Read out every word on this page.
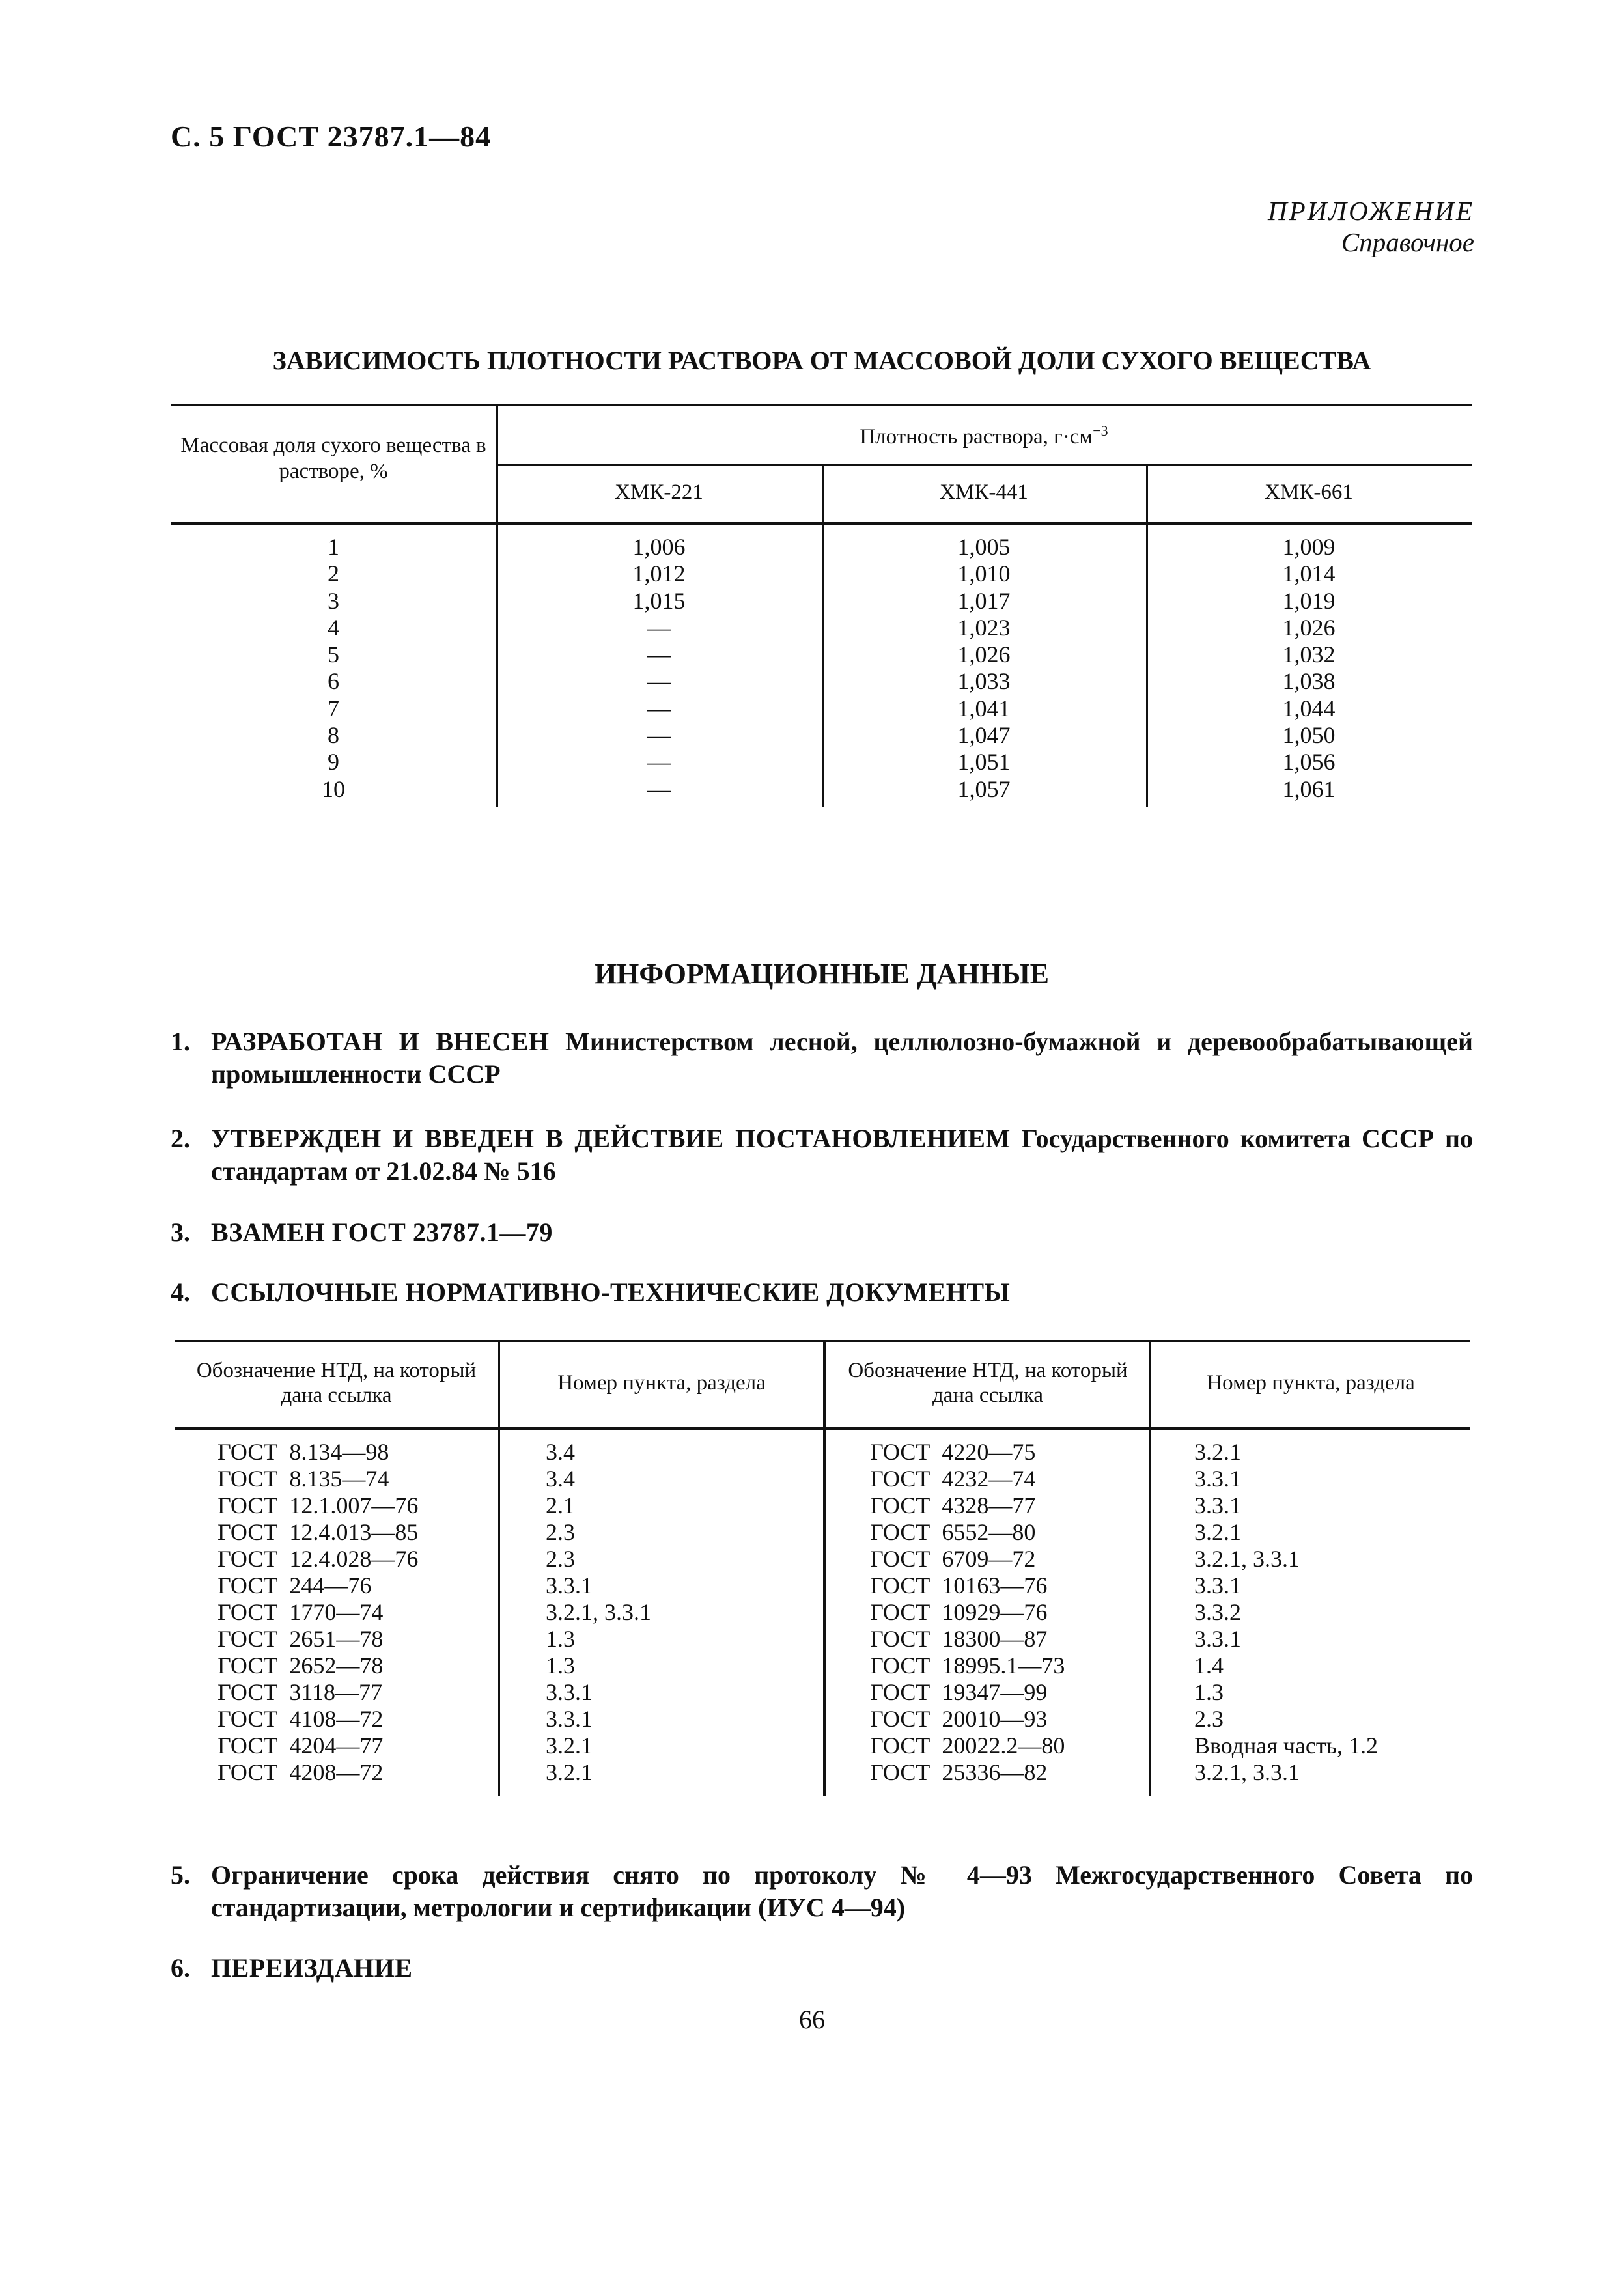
С. 5 ГОСТ 23787.1—84
ПРИЛОЖЕНИЕ
Справочное
ЗАВИСИМОСТЬ ПЛОТНОСТИ РАСТВОРА ОТ МАССОВОЙ ДОЛИ СУХОГО ВЕЩЕСТВА
Массовая доля сухого вещества в растворе, %
Плотность раствора, $г\cdot см^{-3}$
ХМК-221	ХМК-441	ХМК-661
1
2
3
4
5
6
7
8
9
10
1,006
1,012
1,015
—
—
—
—
—
—
—
1,005
1,010
1,017
1,023
1,026
1,033
1,041
1,047
1,051
1,057
1,009
1,014
1,019
1,026
1,032
1,038
1,044
1,050
1,056
1,061
ИНФОРМАЦИОННЫЕ ДАННЫЕ
1. РАЗРАБОТАН И ВНЕСЕН Министерством лесной, целлюлозно-бумажной и деревообрабатывающей промышленности СССР
2. УТВЕРЖДЕН И ВВЕДЕН В ДЕЙСТВИЕ ПОСТАНОВЛЕНИЕМ Государственного комитета СССР по стандартам от 21.02.84 № 516
3. ВЗАМЕН ГОСТ 23787.1—79
4. ССЫЛОЧНЫЕ НОРМАТИВНО-ТЕХНИЧЕСКИЕ ДОКУМЕНТЫ
Обозначение НТД, на который дана ссылка
Номер пункта, раздела
Обозначение НТД, на который дана ссылка
Номер пункта, раздела
ГОСТ  8.134—98
ГОСТ  8.135—74
ГОСТ  12.1.007—76
ГОСТ  12.4.013—85
ГОСТ  12.4.028—76
ГОСТ  244—76
ГОСТ  1770—74
ГОСТ  2651—78
ГОСТ  2652—78
ГОСТ  3118—77
ГОСТ  4108—72
ГОСТ  4204—77
ГОСТ  4208—72
3.4
3.4
2.1
2.3
2.3
3.3.1
3.2.1, 3.3.1
1.3
1.3
3.3.1
3.3.1
3.2.1
3.2.1
ГОСТ  4220—75
ГОСТ  4232—74
ГОСТ  4328—77
ГОСТ  6552—80
ГОСТ  6709—72
ГОСТ  10163—76
ГОСТ  10929—76
ГОСТ  18300—87
ГОСТ  18995.1—73
ГОСТ  19347—99
ГОСТ  20010—93
ГОСТ  20022.2—80
ГОСТ  25336—82
3.2.1
3.3.1
3.3.1
3.2.1
3.2.1, 3.3.1
3.3.1
3.3.2
3.3.1
1.4
1.3
2.3
Вводная часть, 1.2
3.2.1, 3.3.1
5. Ограничение срока действия снято по протоколу № 4—93 Межгосударственного Совета по стандартизации, метрологии и сертификации (ИУС 4—94)
6. ПЕРЕИЗДАНИЕ
66
